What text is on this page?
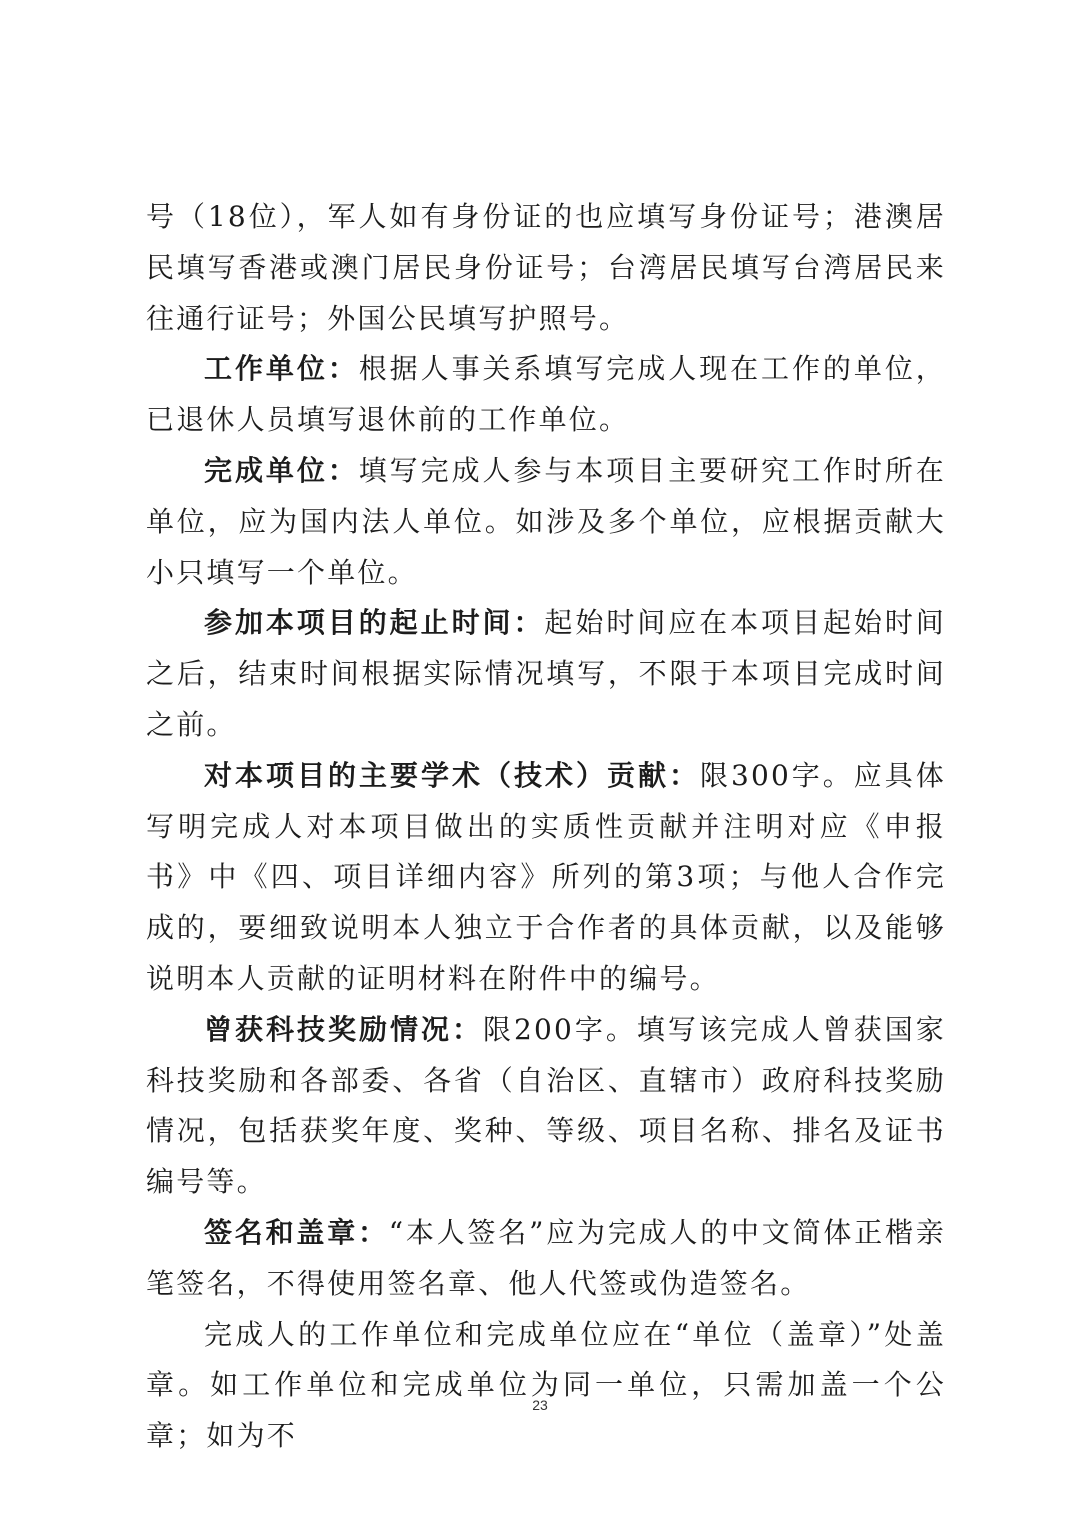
号（18位），军人如有身份证的也应填写身份证号；港澳居民填写香港或澳门居民身份证号；台湾居民填写台湾居民来往通行证号；外国公民填写护照号。

工作单位：根据人事关系填写完成人现在工作的单位，已退休人员填写退休前的工作单位。

完成单位：填写完成人参与本项目主要研究工作时所在单位，应为国内法人单位。如涉及多个单位，应根据贡献大小只填写一个单位。

参加本项目的起止时间：起始时间应在本项目起始时间之后，结束时间根据实际情况填写，不限于本项目完成时间之前。

对本项目的主要学术（技术）贡献：限300字。应具体写明完成人对本项目做出的实质性贡献并注明对应《申报书》中《四、项目详细内容》所列的第3项；与他人合作完成的，要细致说明本人独立于合作者的具体贡献，以及能够说明本人贡献的证明材料在附件中的编号。

曾获科技奖励情况：限200字。填写该完成人曾获国家科技奖励和各部委、各省（自治区、直辖市）政府科技奖励情况，包括获奖年度、奖种、等级、项目名称、排名及证书编号等。

签名和盖章：“本人签名”应为完成人的中文简体正楷亲笔签名，不得使用签名章、他人代签或伪造签名。

完成人的工作单位和完成单位应在“单位（盖章）”处盖章。如工作单位和完成单位为同一单位，只需加盖一个公章；如为不

23
